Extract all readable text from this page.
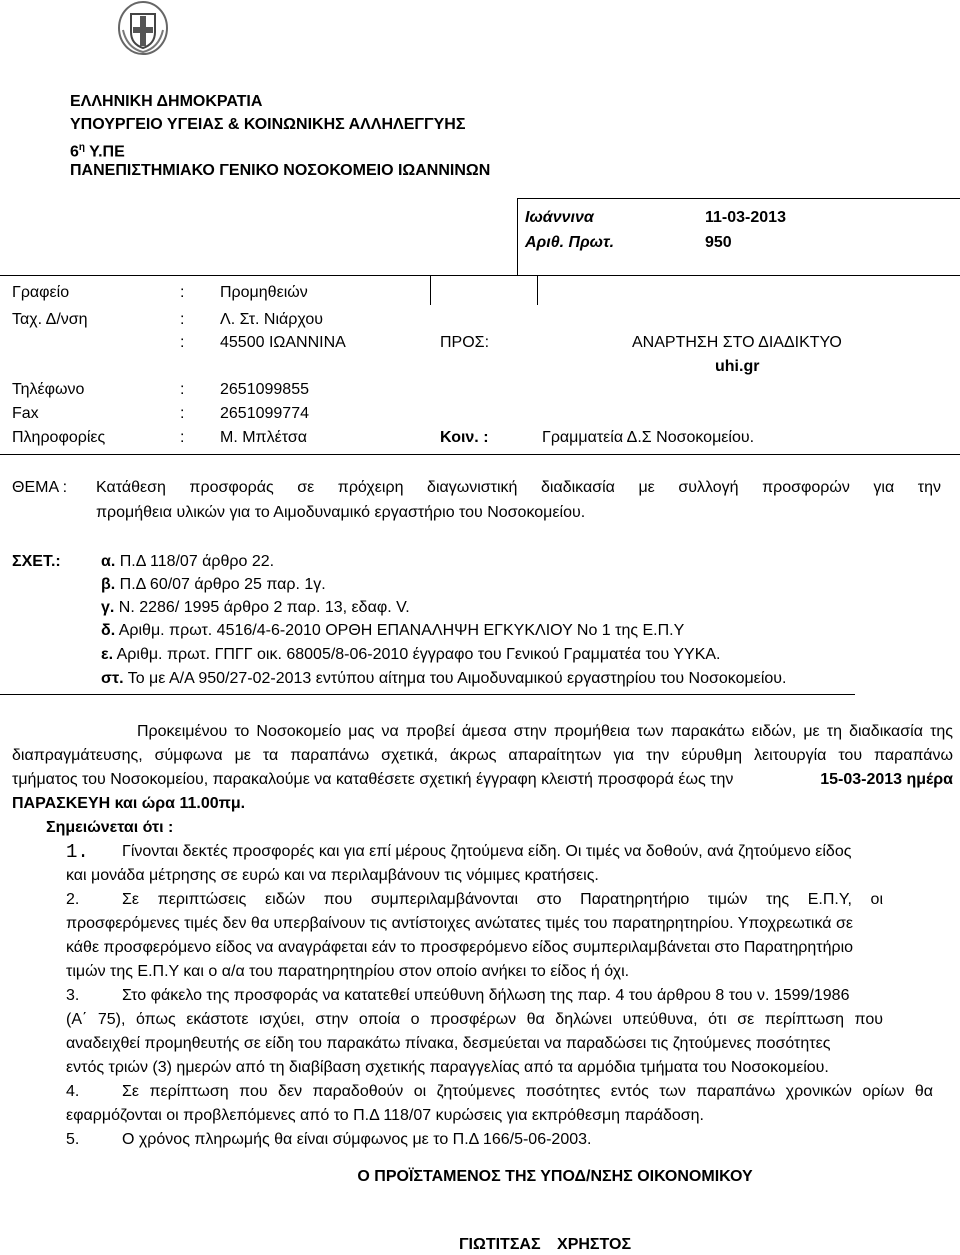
ΕΛΛΗΝΙΚΗ ΔΗΜΟΚΡΑΤΙΑ
ΥΠΟΥΡΓΕΙΟ ΥΓΕΙΑΣ & ΚΟΙΝΩΝΙΚΗΣ ΑΛΛΗΛΕΓΓΥΗΣ
$6^\eta$ Υ.ΠΕ
ΠΑΝΕΠΙΣΤΗΜΙΑΚΟ ΓΕΝΙΚΟ ΝΟΣΟΚΟΜΕΙΟ ΙΩΑΝΝΙΝΩΝ
Ιωάννινα	11-03-2013
Αριθ. Πρωτ.	950
Γραφείο	: Προμηθειών
Ταχ. Δ/νση	: Λ. Στ. Νιάρχου
: 45500 ΙΩΑΝΝΙΝΑ	ΠΡΟΣ:	ΑΝΑΡΤΗΣΗ ΣΤΟ ΔΙΑΔΙΚΤΥΟ
uhi.gr
Τηλέφωνο	: 2651099855
Fax	: 2651099774
Πληροφορίες	: Μ. Μπλέτσα	Κοιν. :	Γραμματεία Δ.Σ Νοσοκομείου.
ΘΕΜΑ : Κατάθεση προσφοράς σε πρόχειρη διαγωνιστική διαδικασία με συλλογή προσφορών για την
προμήθεια υλικών για το Αιμοδυναμικό εργαστήριο του Νοσοκομείου.
ΣΧΕΤ.:	α. Π.Δ 118/07 άρθρο 22.
β. Π.Δ 60/07 άρθρο 25 παρ. 1γ.
γ. Ν. 2286/ 1995 άρθρο 2 παρ. 13, εδαφ. V.
δ. Αριθμ. πρωτ. 4516/4-6-2010 ΟΡΘΗ ΕΠΑΝΑΛΗΨΗ ΕΓΚΥΚΛΙΟΥ Νο 1 της Ε.Π.Υ
ε. Αριθμ. πρωτ. ΓΠΓΓ οικ. 68005/8-06-2010 έγγραφο του Γενικού Γραμματέα του ΥΥΚΑ.
στ. Το με Α/Α 950/27-02-2013 εντύπου αίτημα του Αιμοδυναμικού εργαστηρίου του Νοσοκομείου.
Προκειμένου το Νοσοκομείο μας να προβεί άμεσα στην προμήθεια των παρακάτω ειδών, με τη διαδικασία της
διαπραγμάτευσης, σύμφωνα με τα παραπάνω σχετικά, άκρως απαραίτητων για την εύρυθμη λειτουργία του παραπάνω
τμήματος του Νοσοκομείου, παρακαλούμε να καταθέσετε σχετική έγγραφη κλειστή προσφορά έως την	15-03-2013 ημέρα
ΠΑΡΑΣΚΕΥΗ και ώρα 11.00πμ.
Σημειώνεται ότι :
1. Γίνονται δεκτές προσφορές και για επί μέρους ζητούμενα είδη. Οι τιμές να δοθούν, ανά ζητούμενο είδος
και μονάδα μέτρησης σε ευρώ και να περιλαμβάνουν τις νόμιμες κρατήσεις.
2.	Σε περιπτώσεις ειδών που συμπεριλαμβάνονται στο Παρατηρητήριο τιμών της Ε.Π.Υ, οι
προσφερόμενες τιμές δεν θα υπερβαίνουν τις αντίστοιχες ανώτατες τιμές του παρατηρητηρίου. Υποχρεωτικά σε
κάθε προσφερόμενο είδος να αναγράφεται εάν το προσφερόμενο είδος συμπεριλαμβάνεται στο Παρατηρητήριο
τιμών της Ε.Π.Υ και ο α/α του παρατηρητηρίου στον οποίο ανήκει το είδος ή όχι.
3.	Στο φάκελο της προσφοράς να κατατεθεί υπεύθυνη δήλωση της παρ. 4 του άρθρου 8 του ν. 1599/1986
(Α΄ 75), όπως εκάστοτε ισχύει, στην οποία ο προσφέρων θα δηλώνει υπεύθυνα, ότι σε περίπτωση που
αναδειχθεί προμηθευτής σε είδη του παρακάτω πίνακα, δεσμεύεται να παραδώσει τις ζητούμενες ποσότητες
εντός τριών (3) ημερών από τη διαβίβαση σχετικής παραγγελίας από τα αρμόδια τμήματα του Νοσοκομείου.
4.	Σε περίπτωση που δεν παραδοθούν οι ζητούμενες ποσότητες εντός των παραπάνω χρονικών ορίων θα
εφαρμόζονται οι προβλεπόμενες από το Π.Δ 118/07 κυρώσεις για εκπρόθεσμη παράδοση.
5.	Ο χρόνος πληρωμής θα είναι σύμφωνος με το Π.Δ 166/5-06-2003.
Ο ΠΡΟΪΣΤΑΜΕΝΟΣ ΤΗΣ ΥΠΟΔ/ΝΣΗΣ ΟΙΚΟΝΟΜΙΚΟΥ
ΓΙΩΤΙΤΣΑΣ ΧΡΗΣΤΟΣ
